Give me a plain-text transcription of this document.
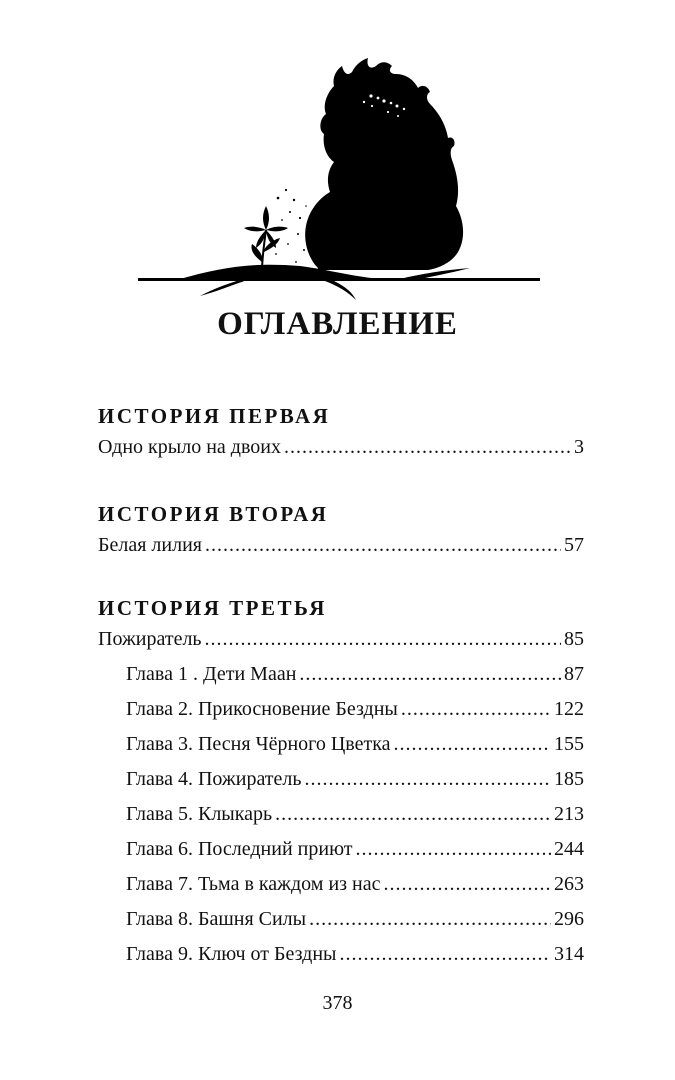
ОГЛАВЛЕНИЕ
ИСТОРИЯ ПЕРВАЯ
Одно крыло на двоих .....	3
ИСТОРИЯ ВТОРАЯ
Белая лилия .....	57
ИСТОРИЯ ТРЕТЬЯ
Пожиратель .....	85
Глава 1 . Дети Маан .....	87
Глава 2. Прикосновение Бездны .....	122
Глава 3. Песня Чёрного Цветка .....	155
Глава 4. Пожиратель .....	185
Глава 5. Клыкарь .....	213
Глава 6. Последний приют .....	244
Глава 7. Тьма в каждом из нас .....	263
Глава 8. Башня Силы .....	296
Глава 9. Ключ от Бездны .....	314
378
